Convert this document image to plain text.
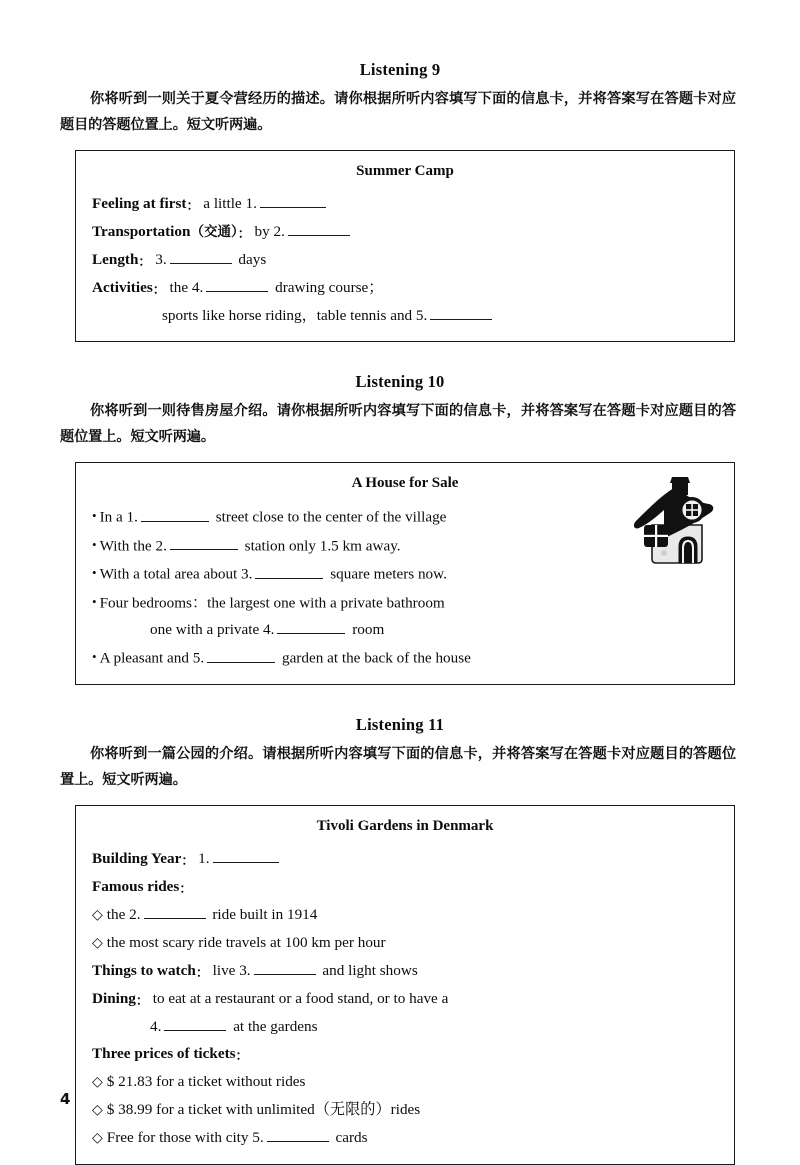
Listening 9

你将听到一则关于夏令营经历的描述。请你根据所听内容填写下面的信息卡，并将答案写在答题卡对应题目的答题位置上。短文听两遍。

Summer Camp
Feeling at first： a little 1.
Transportation（交通）： by 2.
Length： 3.	days
Activities： the 4.	drawing course；
sports like horse riding，table tennis and 5.
Listening 10

你将听到一则待售房屋介绍。请你根据所听内容填写下面的信息卡，并将答案写在答题卡对应题目的答题位置上。短文听两遍。

A House for Sale
• In a 1.	street close to the center of the village
• With the 2.	station only 1.5 km away.
• With a total area about 3.	square meters now.
• Four bedrooms：the largest one with a private bathroom
one with a private 4.	room
• A pleasant and 5.	garden at the back of the house
Listening 11

你将听到一篇公园的介绍。请根据所听内容填写下面的信息卡，并将答案写在答题卡对应题目的答题位置上。短文听两遍。

Tivoli Gardens in Denmark
Building Year： 1.
Famous rides：
◇ the 2.	ride built in 1914
◇ the most scary ride travels at 100 km per hour
Things to watch： live 3.	and light shows
Dining： to eat at a restaurant or a food stand, or to have a
4.	at the gardens
Three prices of tickets：
◇ $ 21.83 for a ticket without rides
◇ $ 38.99 for a ticket with unlimited（无限的）rides
◇ Free for those with city 5.	cards
4
